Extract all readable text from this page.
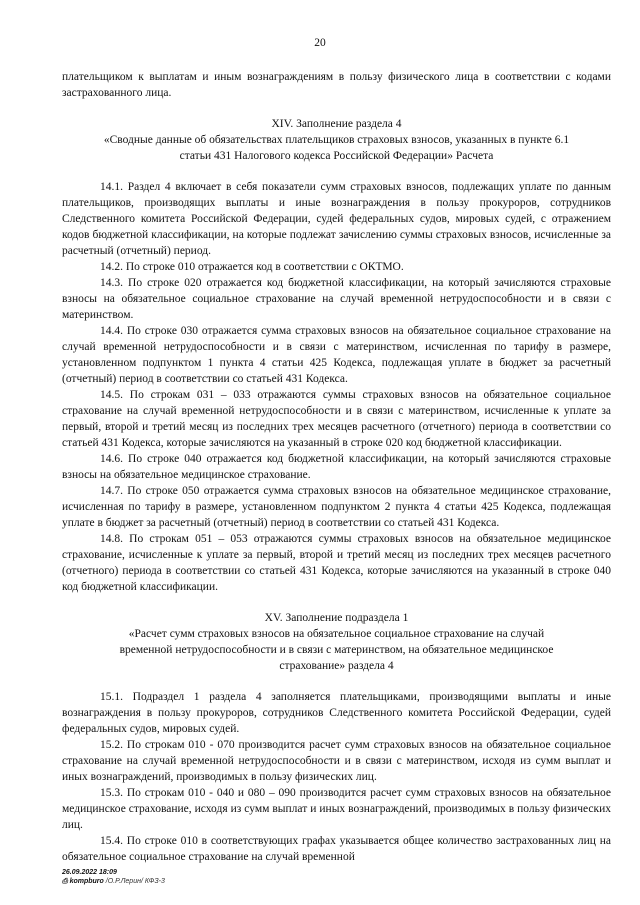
20

плательщиком к выплатам и иным вознаграждениям в пользу физического лица в соответствии с кодами застрахованного лица.

XIV. Заполнение раздела 4
«Сводные данные об обязательствах плательщиков страховых взносов, указанных в пункте 6.1 статьи 431 Налогового кодекса Российской Федерации» Расчета

14.1. Раздел 4 включает в себя показатели сумм страховых взносов, подлежащих уплате по данным плательщиков, производящих выплаты и иные вознаграждения в пользу прокуроров, сотрудников Следственного комитета Российской Федерации, судей федеральных судов, мировых судей, с отражением кодов бюджетной классификации, на которые подлежат зачислению суммы страховых взносов, исчисленные за расчетный (отчетный) период.

14.2. По строке 010 отражается код в соответствии с ОКТМО.

14.3. По строке 020 отражается код бюджетной классификации, на который зачисляются страховые взносы на обязательное социальное страхование на случай временной нетрудоспособности и в связи с материнством.

14.4. По строке 030 отражается сумма страховых взносов на обязательное социальное страхование на случай временной нетрудоспособности и в связи с материнством, исчисленная по тарифу в размере, установленном подпунктом 1 пункта 4 статьи 425 Кодекса, подлежащая уплате в бюджет за расчетный (отчетный) период в соответствии со статьей 431 Кодекса.

14.5. По строкам 031 – 033 отражаются суммы страховых взносов на обязательное социальное страхование на случай временной нетрудоспособности и в связи с материнством, исчисленные к уплате за первый, второй и третий месяц из последних трех месяцев расчетного (отчетного) периода в соответствии со статьей 431 Кодекса, которые зачисляются на указанный в строке 020 код бюджетной классификации.

14.6. По строке 040 отражается код бюджетной классификации, на который зачисляются страховые взносы на обязательное медицинское страхование.

14.7. По строке 050 отражается сумма страховых взносов на обязательное медицинское страхование, исчисленная по тарифу в размере, установленном подпунктом 2 пункта 4 статьи 425 Кодекса, подлежащая уплате в бюджет за расчетный (отчетный) период в соответствии со статьей 431 Кодекса.

14.8. По строкам 051 – 053 отражаются суммы страховых взносов на обязательное медицинское страхование, исчисленные к уплате за первый, второй и третий месяц из последних трех месяцев расчетного (отчетного) периода в соответствии со статьей 431 Кодекса, которые зачисляются на указанный в строке 040 код бюджетной классификации.

XV. Заполнение подраздела 1
«Расчет сумм страховых взносов на обязательное социальное страхование на случай временной нетрудоспособности и в связи с материнством, на обязательное медицинское страхование» раздела 4

15.1. Подраздел 1 раздела 4 заполняется плательщиками, производящими выплаты и иные вознаграждения в пользу прокуроров, сотрудников Следственного комитета Российской Федерации, судей федеральных судов, мировых судей.

15.2. По строкам 010 - 070 производится расчет сумм страховых взносов на обязательное социальное страхование на случай временной нетрудоспособности и в связи с материнством, исходя из сумм выплат и иных вознаграждений, производимых в пользу физических лиц.

15.3. По строкам 010 - 040 и 080 – 090 производится расчет сумм страховых взносов на обязательное медицинское страхование, исходя из сумм выплат и иных вознаграждений, производимых в пользу физических лиц.

15.4. По строке 010 в соответствующих графах указывается общее количество застрахованных лиц на обязательное социальное страхование на случай временной

26.09.2022 18:09
⎙ kompburo /О.Р.Лерин/ КФЗ-3
